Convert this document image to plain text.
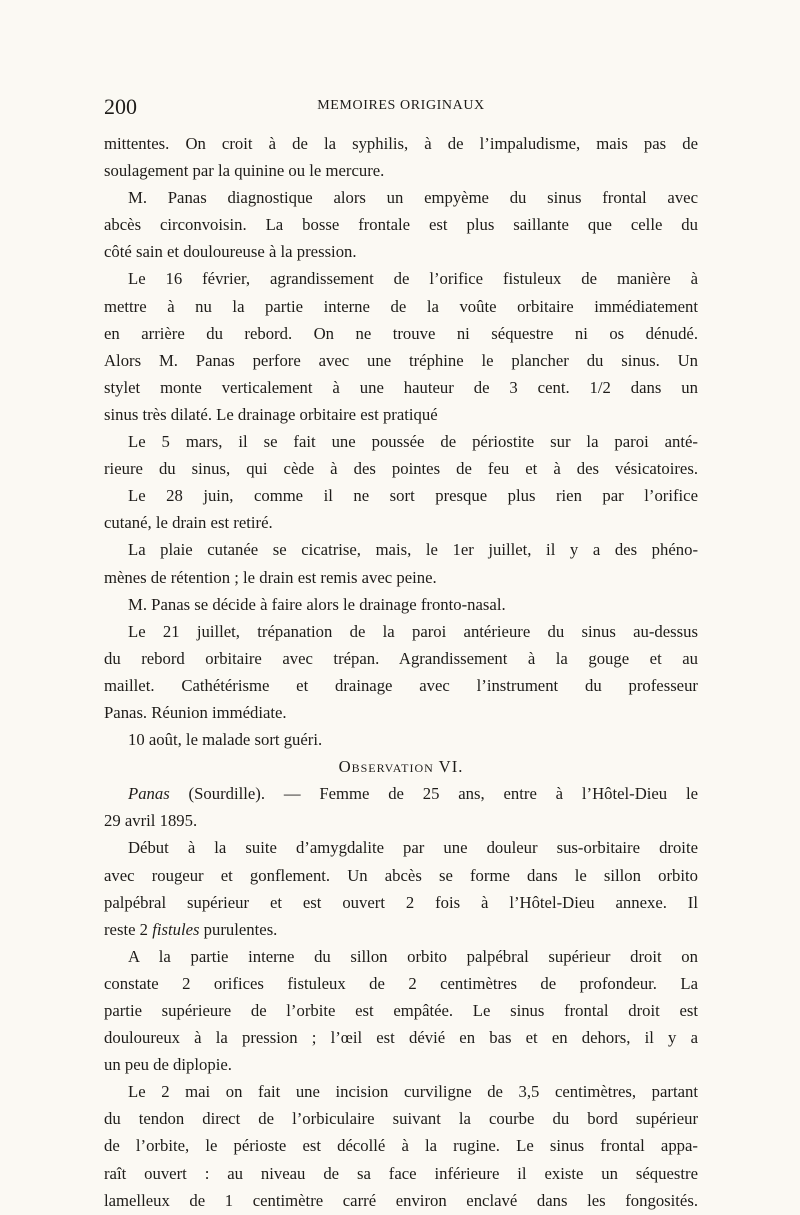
200	MEMOIRES ORIGINAUX
mittentes. On croit à de la syphilis, à de l’impaludisme, mais pas de
soulagement par la quinine ou le mercure.
M. Panas diagnostique alors un empyème du sinus frontal avec
abcès circonvoisin. La bosse frontale est plus saillante que celle du
côté sain et douloureuse à la pression.
Le 16 février, agrandissement de l’orifice fistuleux de manière à
mettre à nu la partie interne de la voûte orbitaire immédiatement
en arrière du rebord. On ne trouve ni séquestre ni os dénudé.
Alors M. Panas perfore avec une tréphine le plancher du sinus. Un
stylet monte verticalement à une hauteur de 3 cent. 1/2 dans un
sinus très dilaté. Le drainage orbitaire est pratiqué
Le 5 mars, il se fait une poussée de périostite sur la paroi anté-
rieure du sinus, qui cède à des pointes de feu et à des vésicatoires.
Le 28 juin, comme il ne sort presque plus rien par l’orifice
cutané, le drain est retiré.
La plaie cutanée se cicatrise, mais, le 1er juillet, il y a des phéno-
mènes de rétention ; le drain est remis avec peine.
M. Panas se décide à faire alors le drainage fronto-nasal.
Le 21 juillet, trépanation de la paroi antérieure du sinus au-dessus
du rebord orbitaire avec trépan. Agrandissement à la gouge et au
maillet. Cathétérisme et drainage avec l’instrument du professeur
Panas. Réunion immédiate.
10 août, le malade sort guéri.
Observation VI.
Panas (Sourdille). — Femme de 25 ans, entre à l’Hôtel-Dieu le
29 avril 1895.
Début à la suite d’amygdalite par une douleur sus-orbitaire droite
avec rougeur et gonflement. Un abcès se forme dans le sillon orbito
palpébral supérieur et est ouvert 2 fois à l’Hôtel-Dieu annexe. Il
reste 2 fistules purulentes.
A la partie interne du sillon orbito palpébral supérieur droit on
constate 2 orifices fistuleux de 2 centimètres de profondeur. La
partie supérieure de l’orbite est empâtée. Le sinus frontal droit est
douloureux à la pression ; l’œil est dévié en bas et en dehors, il y a
un peu de diplopie.
Le 2 mai on fait une incision curviligne de 3,5 centimètres, partant
du tendon direct de l’orbiculaire suivant la courbe du bord supérieur
de l’orbite, le périoste est décollé à la rugine. Le sinus frontal appa-
raît ouvert : au niveau de sa face inférieure il existe un séquestre
lamelleux de 1 centimètre carré environ enclavé dans les fongosités.
